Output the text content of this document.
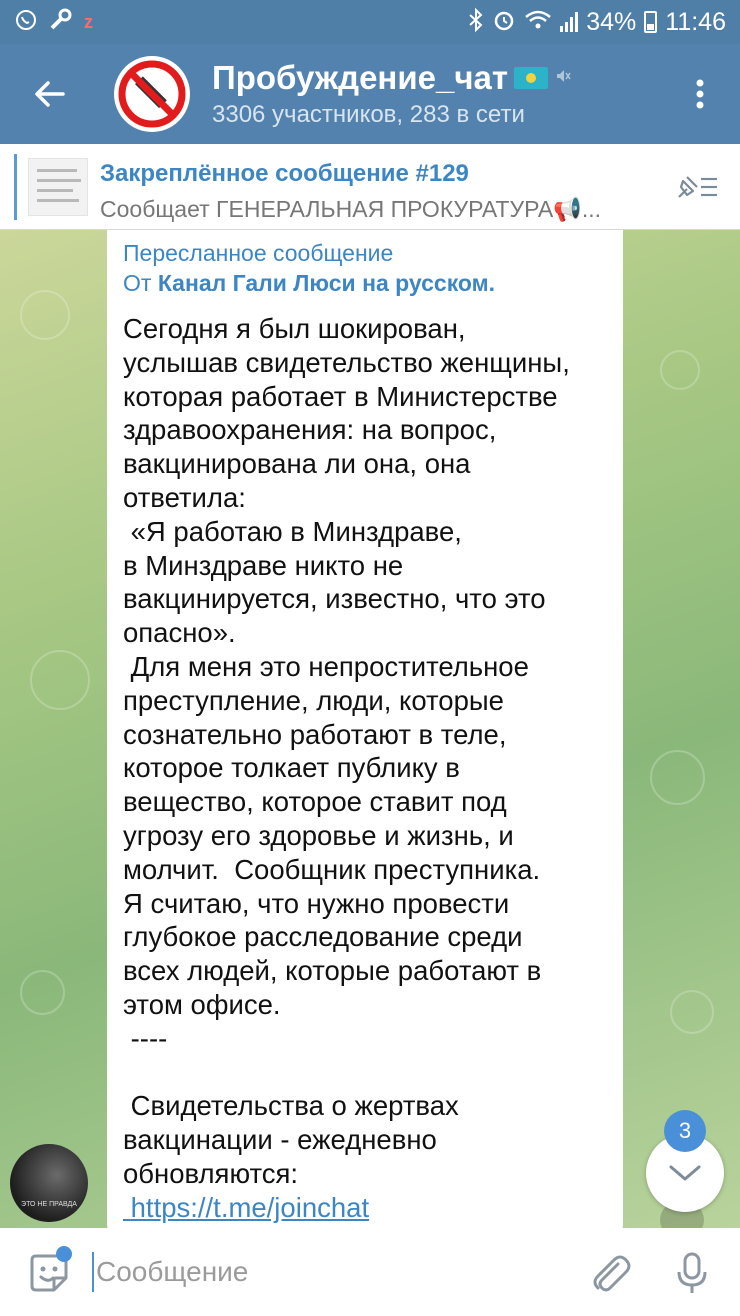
z	34% 11:46
Пробуждение_чат
3306 участников, 283 в сети
Закреплённое сообщение #129
Сообщает ГЕНЕРАЛЬНАЯ ПРОКУРАТУРА📢...
Пересланное сообщение
От Канал Гали Люси на русском.
Сегодня я был шокирован,
услышав свидетельство женщины,
которая работает в Министерстве
здравоохранения: на вопрос,
вакцинирована ли она, она
ответила:
«Я работаю в Минздраве,
в Минздраве никто не
вакцинируется, известно, что это
опасно».
Для меня это непростительное
преступление, люди, которые
сознательно работают в теле,
которое толкает публику в
вещество, которое ставит под
угрозу его здоровье и жизнь, и
молчит.  Сообщник преступника.
Я считаю, что нужно провести
глубокое расследование среди
всех людей, которые работают в
этом офисе.
----

Свидетельства о жертвах
вакцинации - ежедневно
обновляются:
https://t.me/joinchat

ЭТО НЕ ПРАВДА
3
Сообщение
